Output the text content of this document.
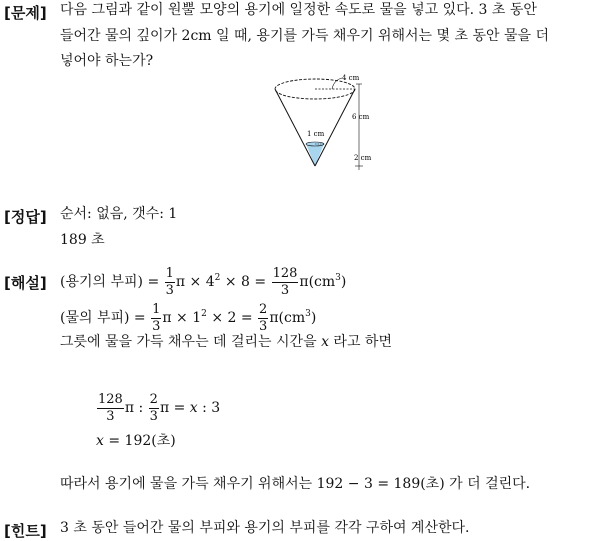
[문제] 다음 그림과 같이 원뿔 모양의 용기에 일정한 속도로 물을 넣고 있다. 3 초 동안
들어간 물의 깊이가 2cm 일 때, 용기를 가득 채우기 위해서는 몇 초 동안 물을 더
넣어야 하는가?
4 cm
6 cm
2 cm
1 cm
[정답] 순서: 없음, 갯수: 1
189 초
[해설] (용기의 부피) = $\frac{1}{3}$ $\pi \times 4^2 \times 8 = \frac{128}{3} \pi(cm^3)$
(물의 부피) = $\frac{1}{3}$ $\pi \times 1^2 \times 2 = \frac{2}{3} \pi(cm^3)$
그릇에 물을 가득 채우는 데 걸리는 시간을 x 라고 하면
$\frac{128}{3}$ π : $\frac{2}{3}$ π = x : 3
x = 192(초)
따라서 용기에 물을 가득 채우기 위해서는 192 − 3 = 189(초) 가 더 걸린다.
[힌트] 3 초 동안 들어간 물의 부피와 용기의 부피를 각각 구하여 계산한다.
